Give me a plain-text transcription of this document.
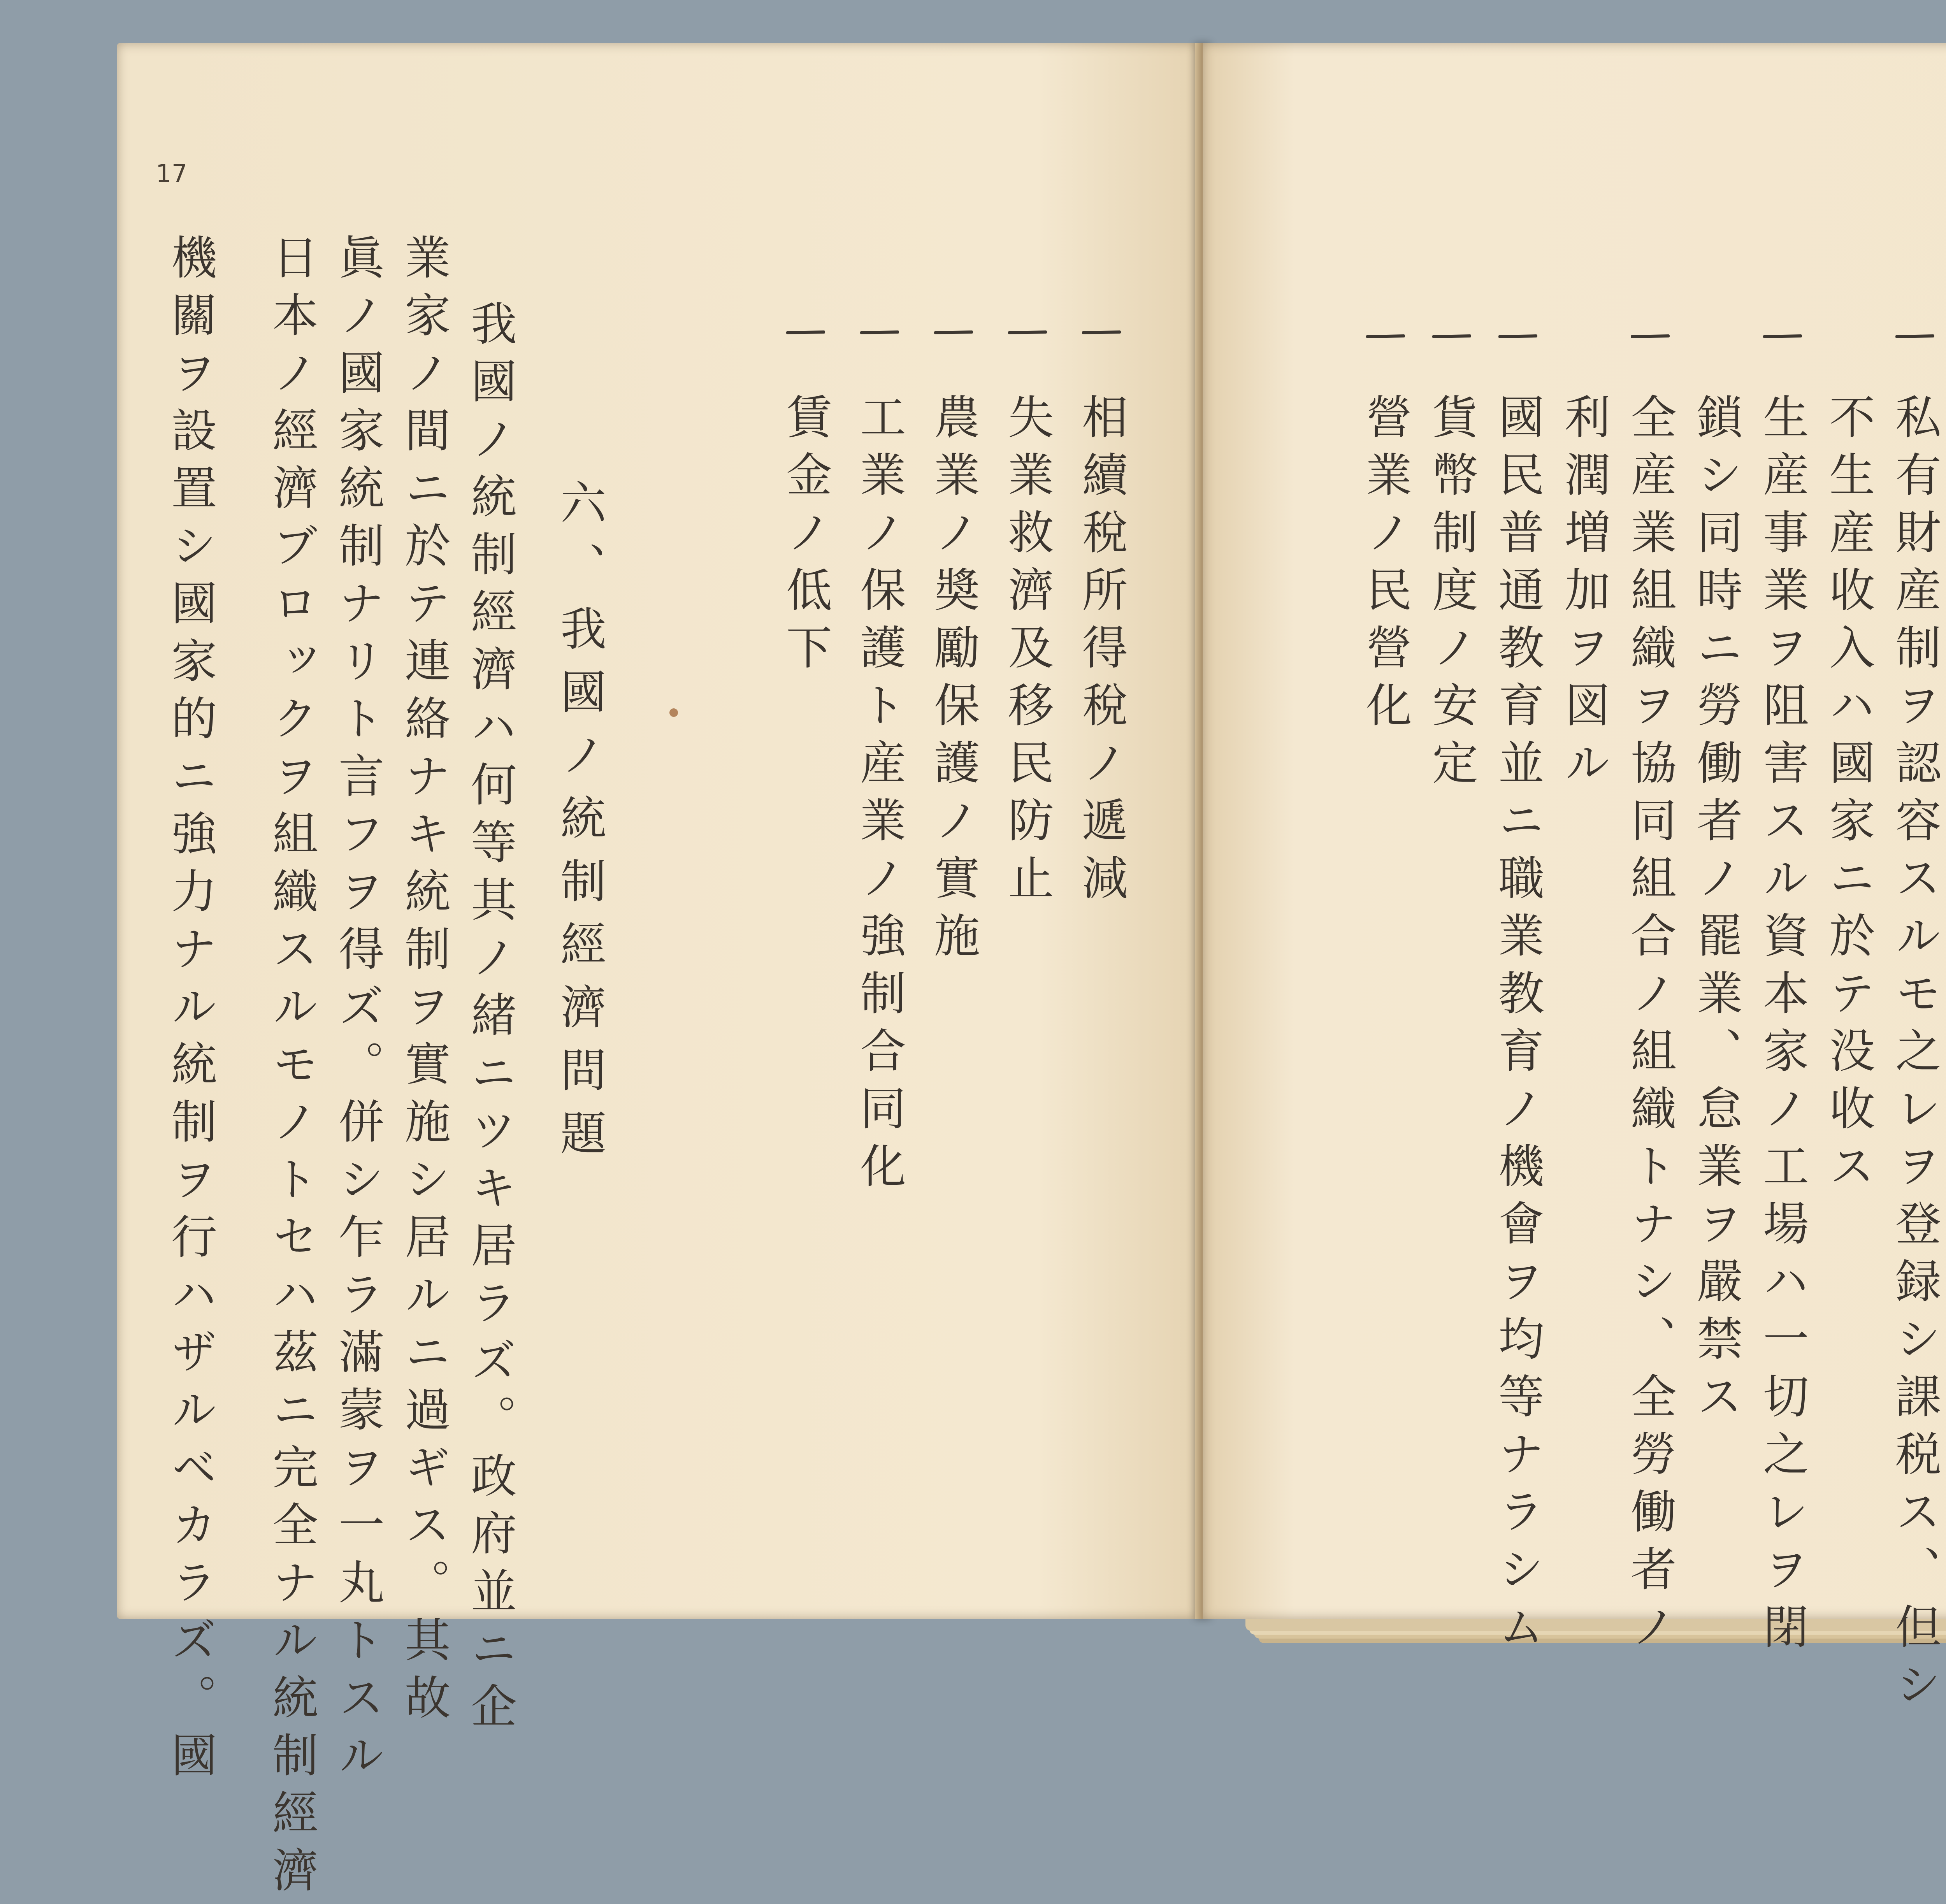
17
相續稅所得稅ノ遞減
失業救濟及移民防止
農業ノ奬勵保護ノ實施
工業ノ保護ト産業ノ強制合同化
賃金ノ低下
六、我國ノ統制經濟問題
我國ノ統制經濟ハ何等其ノ緒ニツキ居ラズ。政府並ニ企
業家ノ間ニ於テ連絡ナキ統制ヲ實施シ居ルニ過ギス。其故
眞ノ國家統制ナリト言フヲ得ズ。併シ乍ラ滿蒙ヲ一丸トスル
日本ノ經濟ブロックヲ組織スルモノトセハ茲ニ完全ナル統制經濟
機關ヲ設置シ國家的ニ強力ナル統制ヲ行ハザルベカラズ。國	私有財産制ヲ認容スルモ之レヲ登録シ課税ス、但シ
不生産收入ハ國家ニ於テ没收ス
生産事業ヲ阻害スル資本家ノ工場ハ一切之レヲ閉
鎖シ同時ニ勞働者ノ罷業、怠業ヲ嚴禁ス
全産業組織ヲ協同組合ノ組織トナシ、全勞働者ノ
利潤増加ヲ図ル
國民普通教育並ニ職業教育ノ機會ヲ均等ナラシム
貨幣制度ノ安定
營業ノ民營化
